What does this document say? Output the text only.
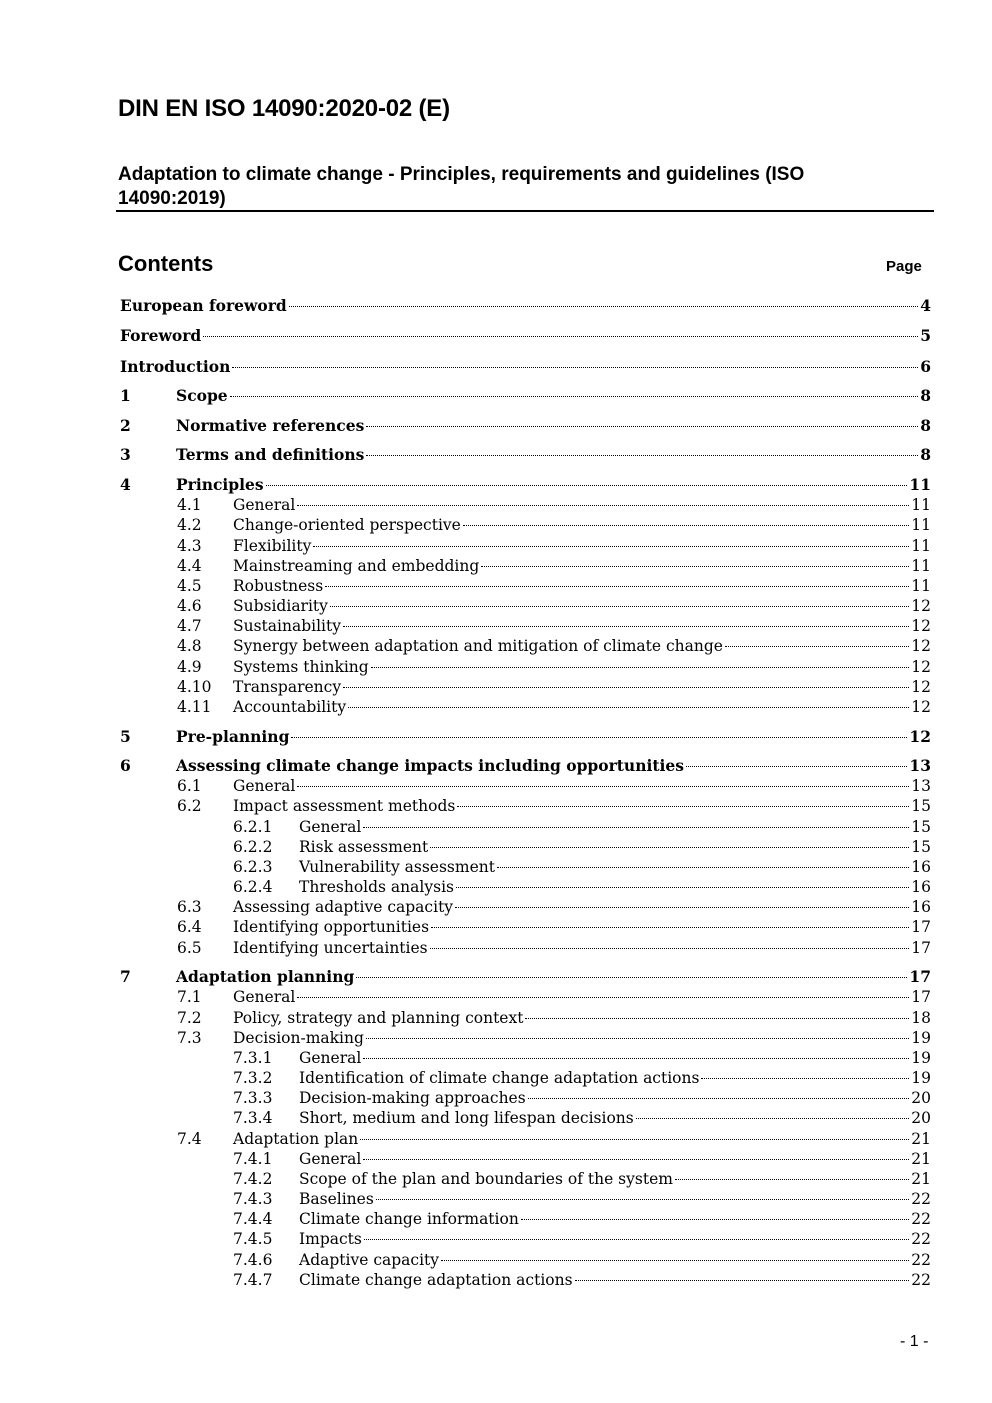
DIN EN ISO 14090:2020-02 (E)
Adaptation to climate change - Principles, requirements and guidelines (ISO 14090:2019)
Contents	Page
European foreword	4
Foreword	5
Introduction	6
1	Scope	8
2	Normative references	8
3	Terms and definitions	8
4	Principles	11
4.1 General	11
4.2 Change-oriented perspective	11
4.3 Flexibility	11
4.4 Mainstreaming and embedding	11
4.5 Robustness	11
4.6 Subsidiarity	12
4.7 Sustainability	12
4.8 Synergy between adaptation and mitigation of climate change	12
4.9 Systems thinking	12
4.10 Transparency	12
4.11 Accountability	12
5	Pre-planning	12
6	Assessing climate change impacts including opportunities	13
6.1 General	13
6.2 Impact assessment methods	15
6.2.1 General	15
6.2.2 Risk assessment	15
6.2.3 Vulnerability assessment	16
6.2.4 Thresholds analysis	16
6.3 Assessing adaptive capacity	16
6.4 Identifying opportunities	17
6.5 Identifying uncertainties	17
7	Adaptation planning	17
7.1 General	17
7.2 Policy, strategy and planning context	18
7.3 Decision-making	19
7.3.1 General	19
7.3.2 Identification of climate change adaptation actions	19
7.3.3 Decision-making approaches	20
7.3.4 Short, medium and long lifespan decisions	20
7.4 Adaptation plan	21
7.4.1 General	21
7.4.2 Scope of the plan and boundaries of the system	21
7.4.3 Baselines	22
7.4.4 Climate change information	22
7.4.5 Impacts	22
7.4.6 Adaptive capacity	22
7.4.7 Climate change adaptation actions	22
- 1 -
